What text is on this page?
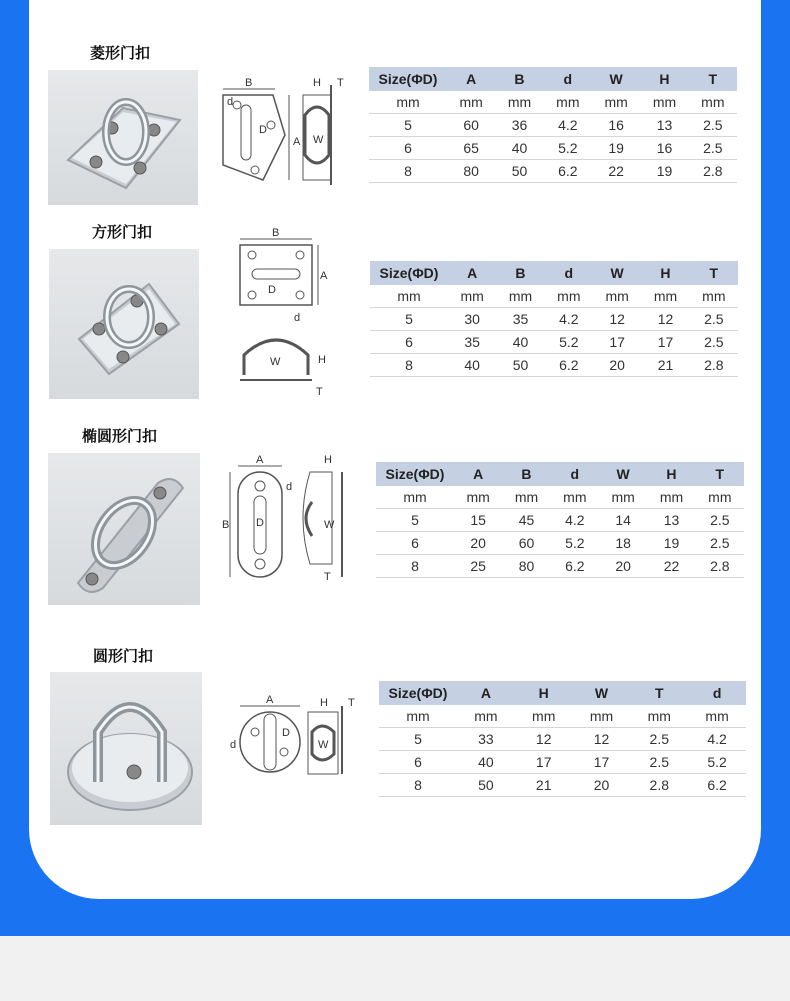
菱形门扣
B
d
D
A
H T
W
Size(ΦD)	A	B	d	W	H	T
mm	mm	mm	mm	mm	mm	mm
5	60	36	4.2	16	13	2.5
6	65	40	5.2	19	16	2.5
8	80	50	6.2	22	19	2.8
方形门扣	B
A
D
d
W	H
T
Size(ΦD)	A	B	d	W	H	T
mm	mm	mm	mm	mm	mm	mm
5	30	35	4.2	12	12	2.5
6	35	40	5.2	17	17	2.5
8	40	50	6.2	20	21	2.8
椭圆形门扣
A
d
B D
H
W
T
Size(ΦD)	A	B	d	W	H	T
mm	mm	mm	mm	mm	mm	mm
5	15	45	4.2	14	13	2.5
6	20	60	5.2	18	19	2.5
8	25	80	6.2	20	22	2.8
圆形门扣
A
d
D
H T
W
Size(ΦD)	A	H	W	T	d
mm	mm	mm	mm	mm	mm
5	33	12	12	2.5	4.2
6	40	17	17	2.5	5.2
8	50	21	20	2.8	6.2
